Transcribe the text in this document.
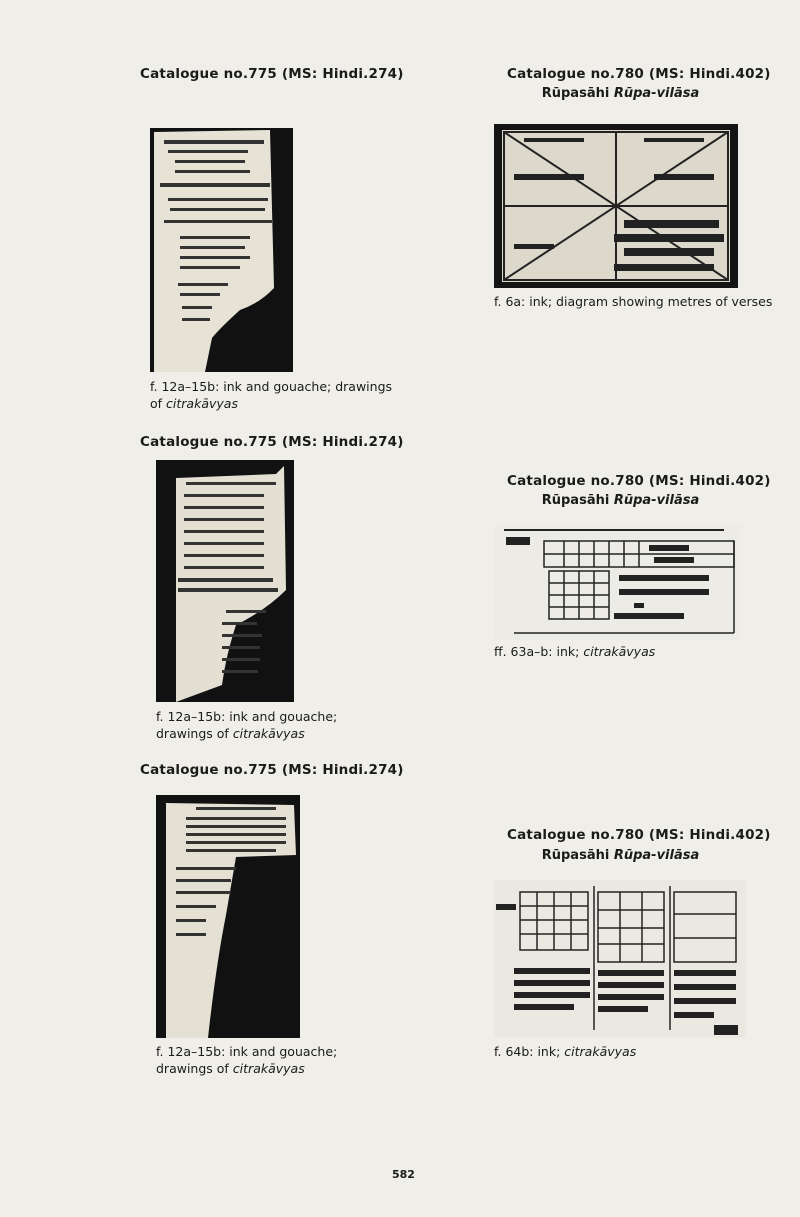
Catalogue no.775 (MS: Hindi.274)
f. 12a–15b: ink and gouache; drawings
of citrakāvyas
Catalogue no.775 (MS: Hindi.274)
f. 12a–15b: ink and gouache;
drawings of citrakāvyas
Catalogue no.775 (MS: Hindi.274)
f. 12a–15b: ink and gouache;
drawings of citrakāvyas
Catalogue no.780 (MS: Hindi.402)
Rūpasāhi Rūpa-vilāsa
f. 6a: ink; diagram showing metres of verses
Catalogue no.780 (MS: Hindi.402)
Rūpasāhi Rūpa-vilāsa
ff. 63a–b: ink; citrakāvyas
Catalogue no.780 (MS: Hindi.402)
Rūpasāhi Rūpa-vilāsa
f. 64b: ink; citrakāvyas
582
